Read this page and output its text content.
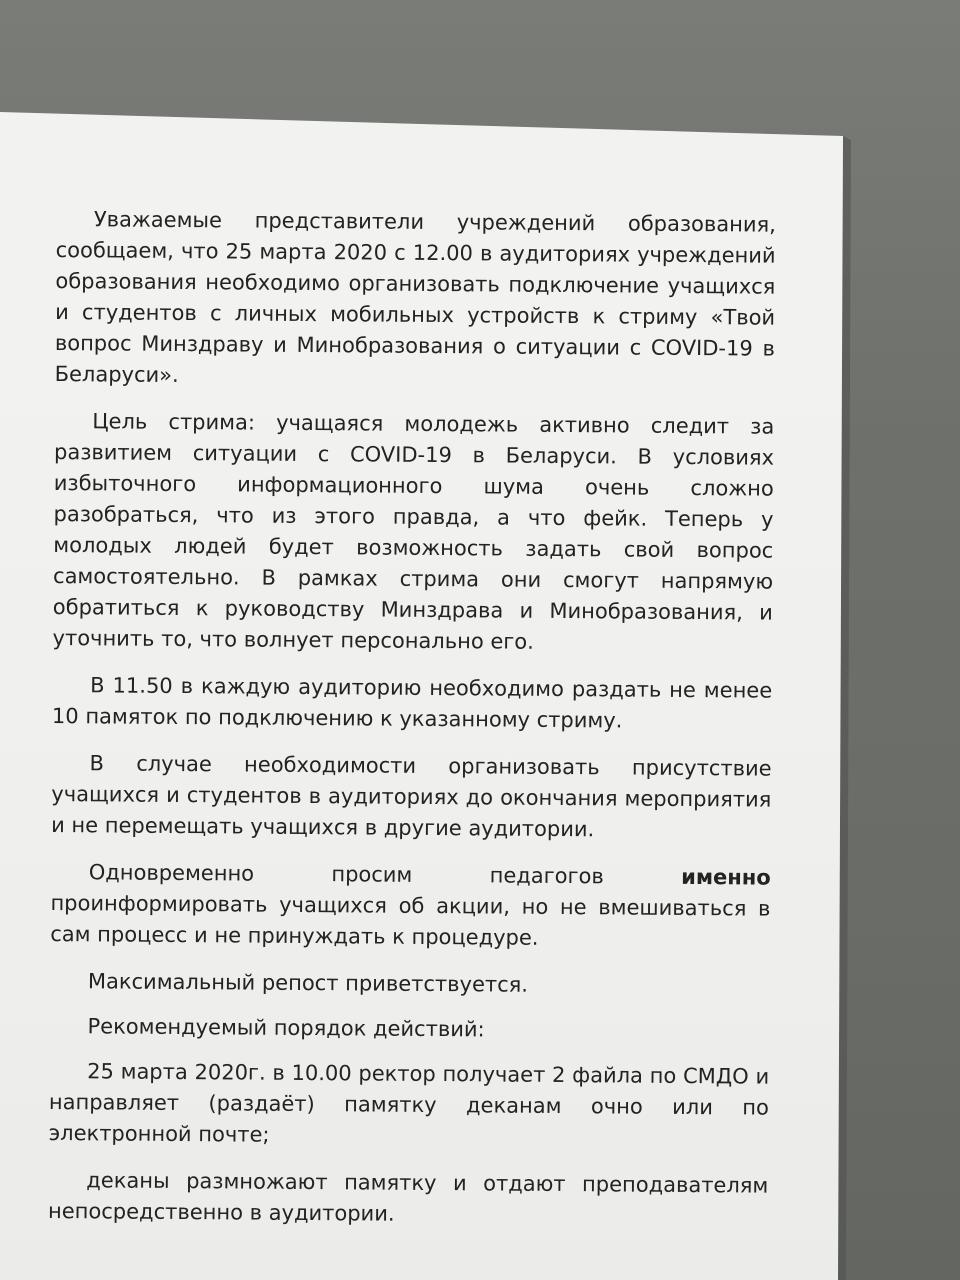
Уважаемые представители учреждений образования, сообщаем, что 25 марта 2020 с 12.00 в аудиториях учреждений образования необходимо организовать подключение учащихся и студентов с личных мобильных устройств к стриму «Твой вопрос Минздраву и Минобразования о ситуации с COVID-19 в Беларуси».

Цель стрима: учащаяся молодежь активно следит за развитием ситуации с COVID-19 в Беларуси. В условиях избыточного информационного шума очень сложно разобраться, что из этого правда, а что фейк. Теперь у молодых людей будет возможность задать свой вопрос самостоятельно. В рамках стрима они смогут напрямую обратиться к руководству Минздрава и Минобразования, и уточнить то, что волнует персонально его.

В 11.50 в каждую аудиторию необходимо раздать не менее 10 памяток по подключению к указанному стриму.

В случае необходимости организовать присутствие учащихся и студентов в аудиториях до окончания мероприятия и не перемещать учащихся в другие аудитории.

Одновременно просим педагогов именно проинформировать учащихся об акции, но не вмешиваться в сам процесс и не принуждать к процедуре.

Максимальный репост приветствуется.

Рекомендуемый порядок действий:

25 марта 2020г. в 10.00 ректор получает 2 файла по СМДО и направляет (раздаёт) памятку деканам очно или по электронной почте;

деканы размножают памятку и отдают преподавателям непосредственно в аудитории.
